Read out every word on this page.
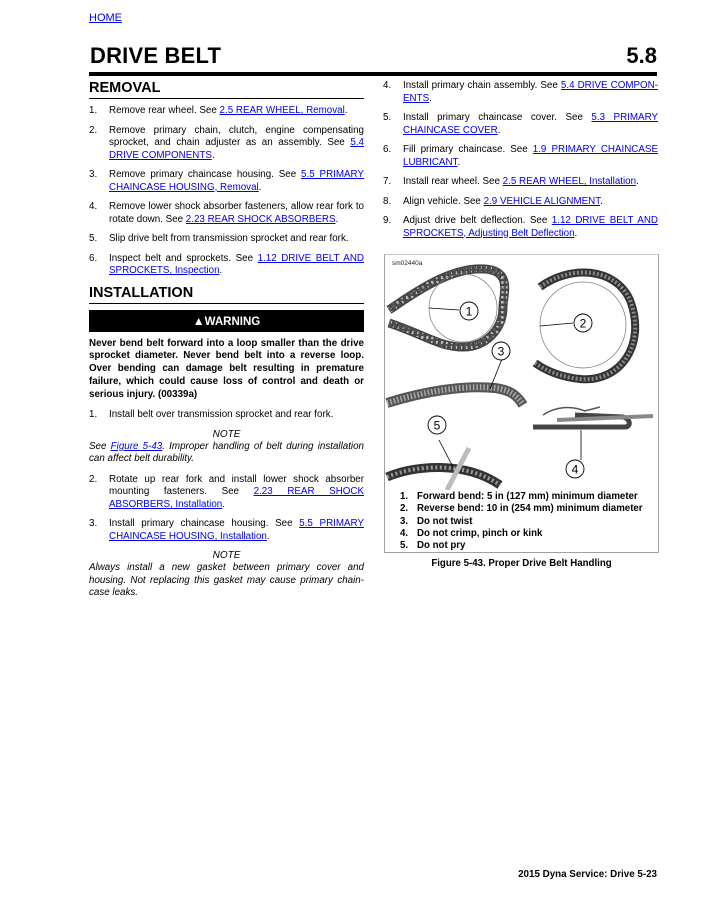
HOME
DRIVE BELT	5.8
REMOVAL
1.	Remove rear wheel. See 2.5 REAR WHEEL, Removal.
2.	Remove primary chain, clutch, engine compensating sprocket, and chain adjuster as an assembly. See 5.4 DRIVE COMPONENTS.
3.	Remove primary chaincase housing. See 5.5 PRIMARY CHAINCASE HOUSING, Removal.
4.	Remove lower shock absorber fasteners, allow rear fork to rotate down. See 2.23 REAR SHOCK ABSORBERS.
5.	Slip drive belt from transmission sprocket and rear fork.
6.	Inspect belt and sprockets. See 1.12 DRIVE BELT AND SPROCKETS, Inspection.
INSTALLATION
▲WARNING
Never bend belt forward into a loop smaller than the drive sprocket diameter. Never bend belt into a reverse loop. Over bending can damage belt resulting in premature failure, which could cause loss of control and death or serious injury. (00339a)
1.	Install belt over transmission sprocket and rear fork.
NOTE
See Figure 5-43. Improper handling of belt during installation can affect belt durability.
2.	Rotate up rear fork and install lower shock absorber mounting fasteners. See 2.23 REAR SHOCK ABSORBERS, Installation.
3.	Install primary chaincase housing. See 5.5 PRIMARY CHAINCASE HOUSING, Installation.
NOTE
Always install a new gasket between primary cover and housing. Not replacing this gasket may cause primary chain-case leaks.
4.	Install primary chain assembly. See 5.4 DRIVE COMPON-ENTS.
5.	Install primary chaincase cover. See 5.3 PRIMARY CHAINCASE COVER.
6.	Fill primary chaincase. See 1.9 PRIMARY CHAINCASE LUBRICANT.
7.	Install rear wheel. See 2.5 REAR WHEEL, Installation.
8.	Align vehicle. See 2.9 VEHICLE ALIGNMENT.
9.	Adjust drive belt deflection. See 1.12 DRIVE BELT AND SPROCKETS, Adjusting Belt Deflection.
1
2
3
4
5
sm02440a
1. Forward bend: 5 in (127 mm) minimum diameter
2. Reverse bend: 10 in (254 mm) minimum diameter
3. Do not twist
4. Do not crimp, pinch or kink
5. Do not pry
Figure 5-43. Proper Drive Belt Handling
2015 Dyna Service: Drive 5-23
